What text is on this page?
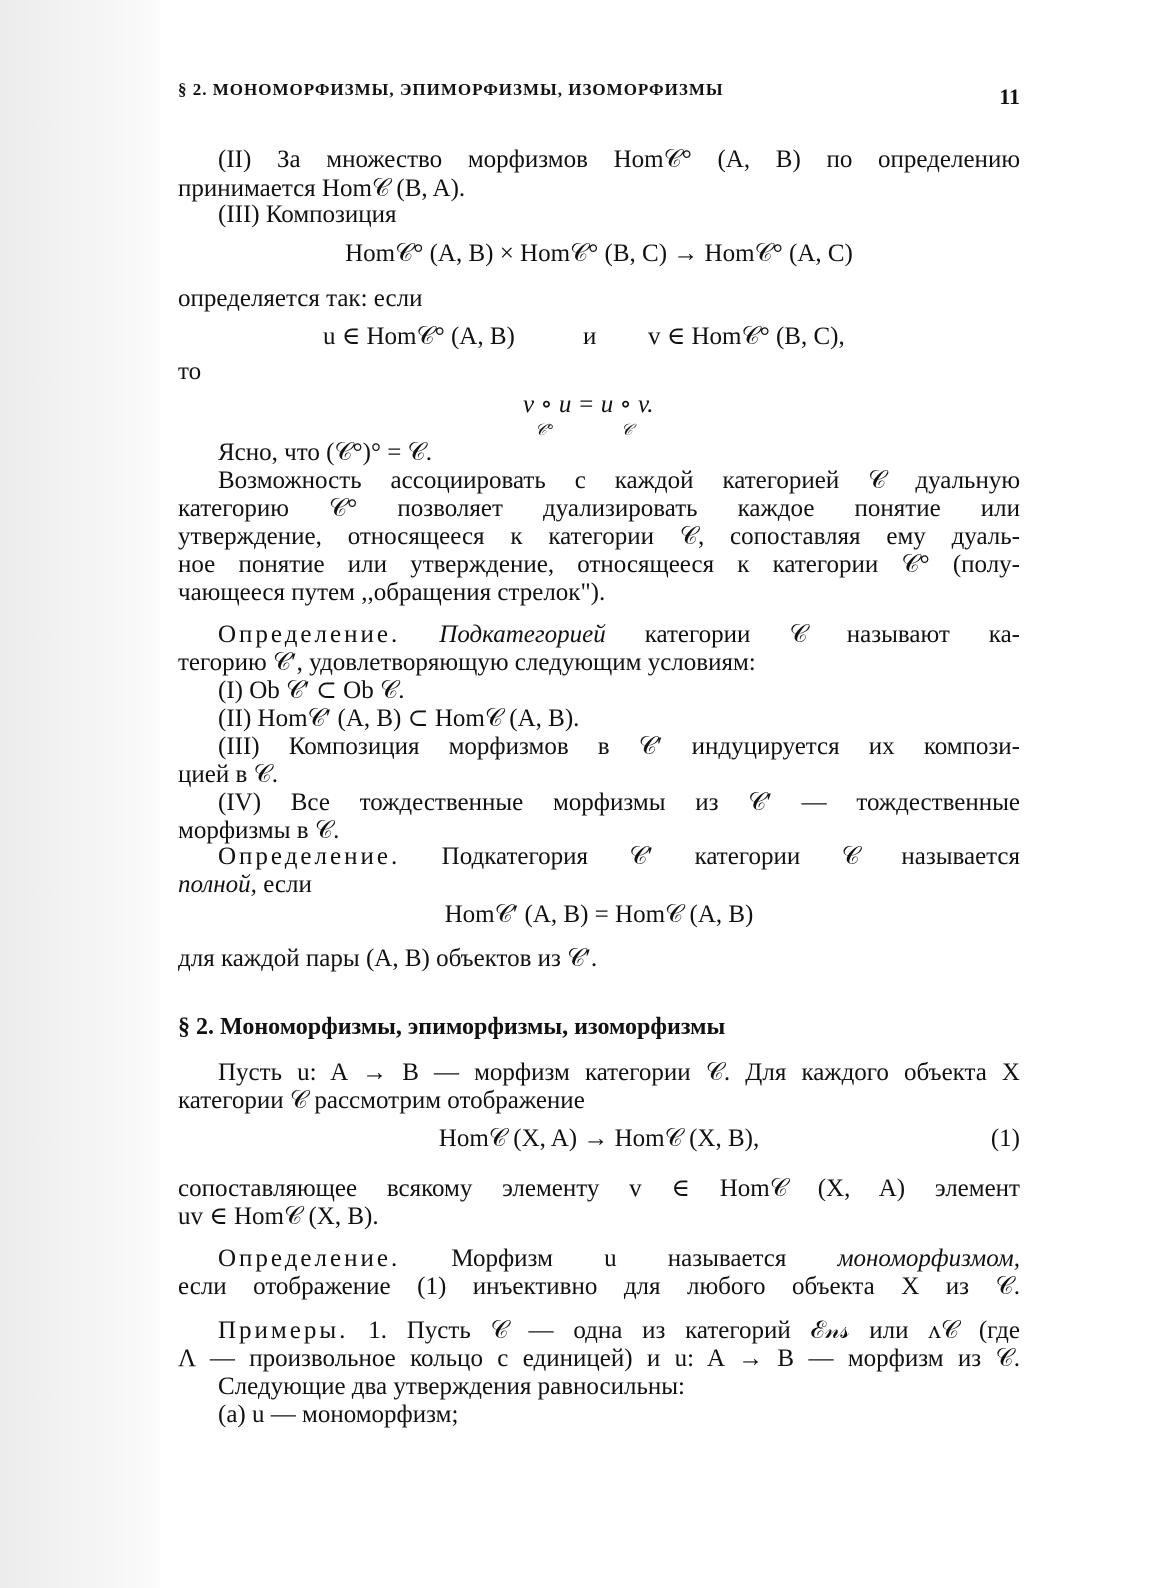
§ 2. МОНОМОРФИЗМЫ, ЭПИМОРФИЗМЫ, ИЗОМОРФИЗМЫ	11
(II) За множество морфизмов Hom𝒞° (A, B) по определению
принимается Hom𝒞 (B, A).
(III) Композиция
Hom𝒞° (A, B) × Hom𝒞° (B, C) → Hom𝒞° (A, C)
определяется так: если
u ∈ Hom𝒞° (A, B)	и	v ∈ Hom𝒞° (B, C),
то
v ∘ u = u ∘ v.
𝒞°	𝒞
Ясно, что (𝒞°)° = 𝒞.
Возможность ассоциировать с каждой категорией 𝒞 дуальную
категорию 𝒞° позволяет дуализировать каждое понятие или
утверждение, относящееся к категории 𝒞, сопоставляя ему дуаль-
ное понятие или утверждение, относящееся к категории 𝒞° (полу-
чающееся путем ,,обращения стрелок").
Определение. Подкатегорией категории 𝒞 называют ка-
тегорию 𝒞′, удовлетворяющую следующим условиям:
(I) Ob 𝒞′ ⊂ Ob 𝒞.
(II) Hom𝒞′ (A, B) ⊂ Hom𝒞 (A, B).
(III) Композиция морфизмов в 𝒞′ индуцируется их компози-
цией в 𝒞.
(IV) Все тождественные морфизмы из 𝒞′ — тождественные
морфизмы в 𝒞.
Определение. Подкатегория 𝒞′ категории 𝒞 называется
полной, если
Hom𝒞′ (A, B) = Hom𝒞 (A, B)
для каждой пары (A, B) объектов из 𝒞′.
§ 2. Мономорфизмы, эпиморфизмы, изоморфизмы
Пусть u: A → B — морфизм категории 𝒞. Для каждого объекта X
категории 𝒞 рассмотрим отображение
Hom𝒞 (X, A) → Hom𝒞 (X, B),	(1)
сопоставляющее всякому элементу v ∈ Hom𝒞 (X, A) элемент
uv ∈ Hom𝒞 (X, B).
Определение. Морфизм u называется мономорфизмом,
если отображение (1) инъективно для любого объекта X из 𝒞.
Примеры. 1. Пусть 𝒞 — одна из категорий ℰ𝓃𝓈 или ᴧ𝒞 (где
Λ — произвольное кольцо с единицей) и u: A → B — морфизм из 𝒞.
Следующие два утверждения равносильны:
(a) u — мономорфизм;
